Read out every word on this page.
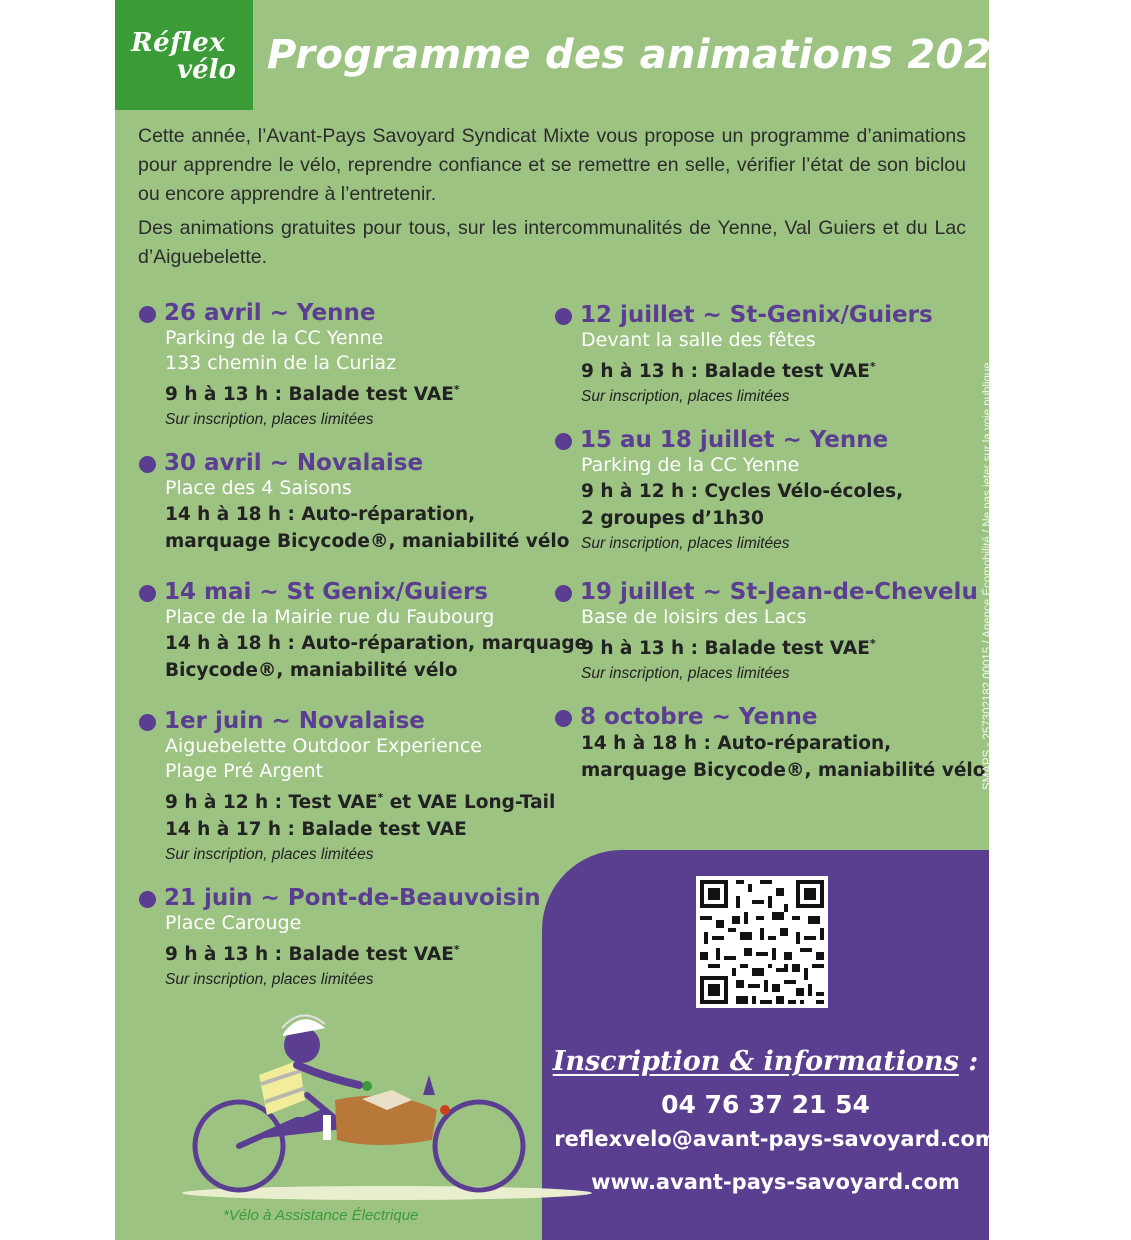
Réflex
vélo Programme des animations 2025

Cette année, l’Avant-Pays Savoyard Syndicat Mixte vous propose un programme d’animations pour apprendre le vélo, reprendre confiance et se remettre en selle, vérifier l’état de son biclou ou encore apprendre à l’entretenir.

Des animations gratuites pour tous, sur les intercommunalités de Yenne, Val Guiers et du Lac d’Aiguebelette.

26 avril ~ Yenne
Parking de la CC Yenne
133 chemin de la Curiaz
9 h à 13 h : Balade test VAE*
Sur inscription, places limitées
30 avril ~ Novalaise
Place des 4 Saisons
14 h à 18 h : Auto-réparation,
marquage Bicycode®, maniabilité vélo
14 mai ~ St Genix/Guiers
Place de la Mairie rue du Faubourg
14 h à 18 h : Auto-réparation, marquage
Bicycode®, maniabilité vélo
1er juin ~ Novalaise
Aiguebelette Outdoor Experience
Plage Pré Argent
9 h à 12 h : Test VAE* et VAE Long-Tail
14 h à 17 h : Balade test VAE
Sur inscription, places limitées
21 juin ~ Pont-de-Beauvoisin
Place Carouge
9 h à 13 h : Balade test VAE*
Sur inscription, places limitées
12 juillet ~ St-Genix/Guiers
Devant la salle des fêtes
9 h à 13 h : Balade test VAE*
Sur inscription, places limitées
15 au 18 juillet ~ Yenne
Parking de la CC Yenne
9 h à 12 h : Cycles Vélo-écoles,
2 groupes d’1h30
Sur inscription, places limitées
19 juillet ~ St-Jean-de-Chevelu
Base de loisirs des Lacs
9 h à 13 h : Balade test VAE*
Sur inscription, places limitées
8 octobre ~ Yenne
14 h à 18 h : Auto-réparation,
marquage Bicycode®, maniabilité vélo
SMAPS - 257302182 00015 / Agence Écomobilité / Ne pas jeter sur la voie publique
Inscription & informations :
04 76 37 21 54
reflexvelo@avant-pays-savoyard.com
www.avant-pays-savoyard.com
*Vélo à Assistance Électrique
